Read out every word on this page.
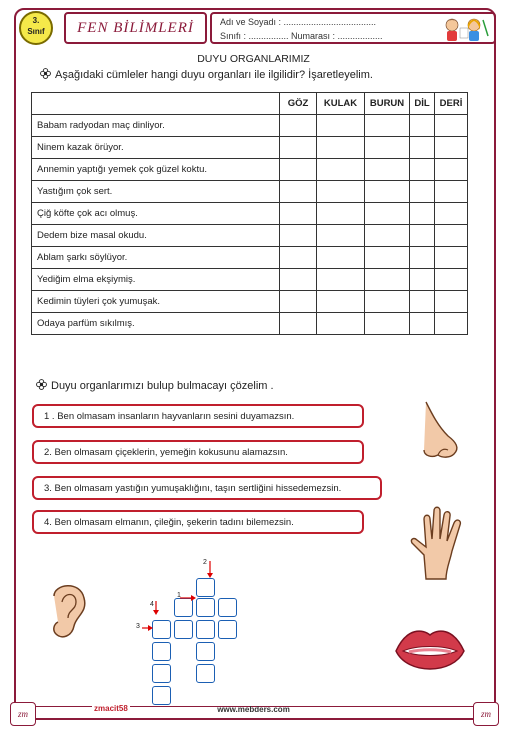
3.
Sınıf	FEN BİLİMLERİ	Adı ve Soyadı : .....................................
Sınıfı : ................ Numarası : ..................
DUYU ORGANLARIMIZ
Aşağıdaki cümleler hangi duyu organları ile ilgilidir? İşaretleyelim.
	GÖZ	KULAK	BURUN	DİL	DERİ
Babam radyodan maç dinliyor.					
Ninem kazak örüyor.					
Annemin yaptığı yemek çok güzel koktu.					
Yastığım çok sert.					
Çiğ köfte çok acı olmuş.					
Dedem bize masal okudu.					
Ablam şarkı söylüyor.					
Yediğim elma ekşiymiş.					
Kedimin tüyleri çok yumuşak.					
Odaya parfüm sıkılmış.					
Duyu organlarımızı bulup bulmacayı çözelim .
1 . Ben olmasam insanların hayvanların sesini duyamazsın.
2. Ben olmasam çiçeklerin, yemeğin kokusunu alamazsın.
3. Ben olmasam yastığın yumuşaklığını, taşın sertliğini hissedemezsin.
4. Ben olmasam elmanın, çileğin, şekerin tadını bilemezsin.
2
1
4
3
zm	zm
zmacit58	www.mebders.com
